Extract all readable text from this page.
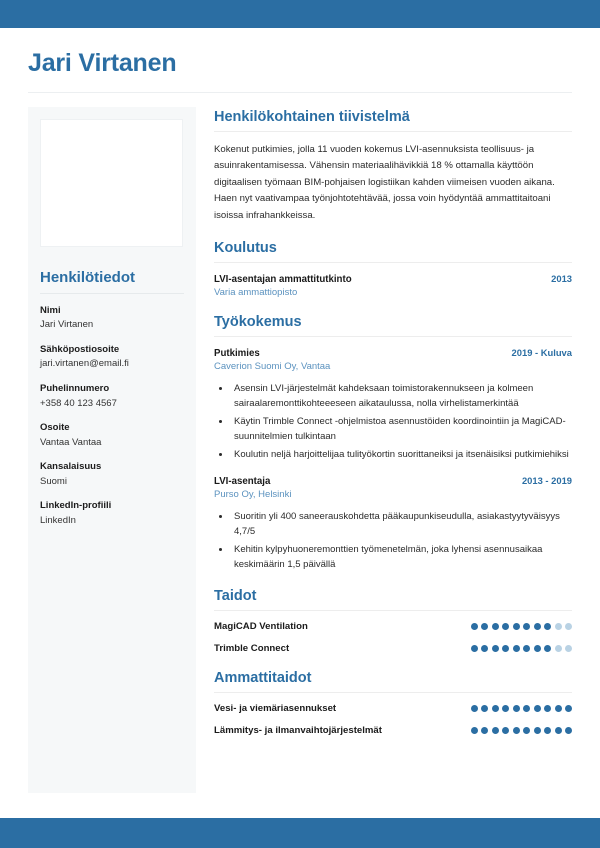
Jari Virtanen
Henkilötiedot
Nimi
Jari Virtanen
Sähköpostiosoite
jari.virtanen@email.fi
Puhelinnumero
+358 40 123 4567
Osoite
Vantaa Vantaa
Kansalaisuus
Suomi
LinkedIn-profiili
LinkedIn
Henkilökohtainen tiivistelmä
Kokenut putkimies, jolla 11 vuoden kokemus LVI-asennuksista teollisuus- ja asuinrakentamisessa. Vähensin materiaalihävikkiä 18 % ottamalla käyttöön digitaalisen työmaan BIM-pohjaisen logistiikan kahden viimeisen vuoden aikana. Haen nyt vaativampaa työnjohtotehtävää, jossa voin hyödyntää ammattitaitoani isoissa infrahankkeissa.
Koulutus
LVI-asentajan ammattitutkinto	2013
Varia ammattiopisto
Työkokemus
Putkimies	2019 - Kuluva
Caverion Suomi Oy, Vantaa
• Asensin LVI-järjestelmät kahdeksaan toimistorakennukseen ja kolmeen sairaalaremonttikohteeeseen aikataulussa, nolla virhelistamerkintää
• Käytin Trimble Connect -ohjelmistoa asennustöiden koordinointiin ja MagiCAD-suunnitelmien tulkintaan
• Koulutin neljä harjoittelijaa tulityökortin suorittaneiksi ja itsenäisiksi putkimiehiksi
LVI-asentaja	2013 - 2019
Purso Oy, Helsinki
• Suoritin yli 400 saneerauskohdetta pääkaupunkiseudulla, asiakastyytyväisyys 4,7/5
• Kehitin kylpyhuoneremonttien työmenetelmän, joka lyhensi asennusaikaa keskimäärin 1,5 päivällä
Taidot
MagiCAD Ventilation
Trimble Connect
Ammattitaidot
Vesi- ja viemäriasennukset
Lämmitys- ja ilmanvaihtojärjestelmät
